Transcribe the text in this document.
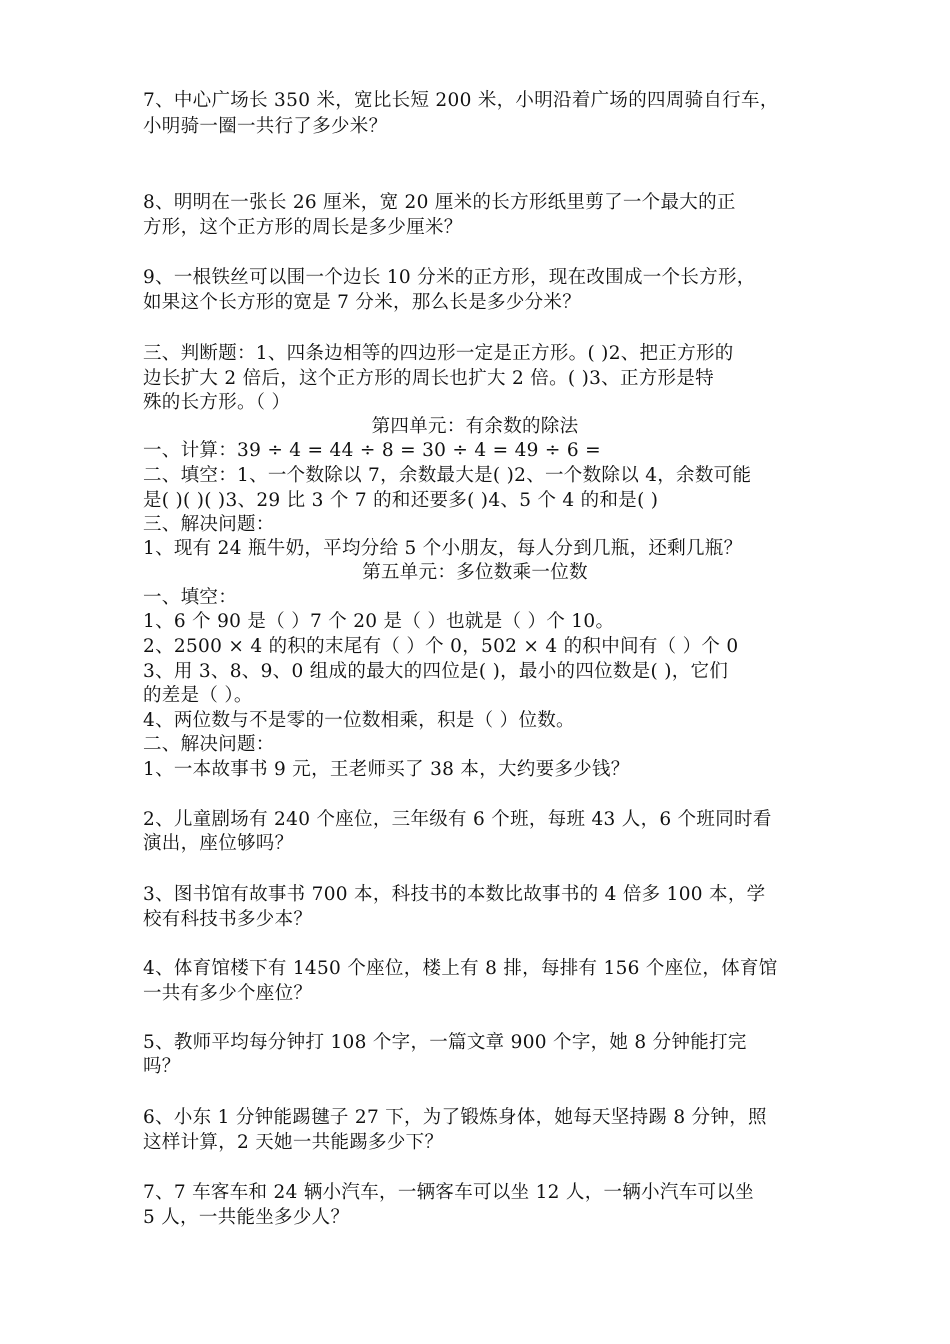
7、中心广场长 350 米，宽比长短 200 米，小明沿着广场的四周骑自行车，
小明骑一圈一共行了多少米？
8、明明在一张长 26 厘米，宽 20 厘米的长方形纸里剪了一个最大的正
方形，这个正方形的周长是多少厘米？
9、一根铁丝可以围一个边长 10 分米的正方形，现在改围成一个长方形，
如果这个长方形的宽是 7 分米，那么长是多少分米？
三、判断题：1、四条边相等的四边形一定是正方形。( )2、把正方形的
边长扩大 2 倍后，这个正方形的周长也扩大 2 倍。( )3、正方形是特
殊的长方形。（ ）
第四单元：有余数的除法
一、计算：39 ÷ 4 = 44 ÷ 8 = 30 ÷ 4 = 49 ÷ 6 =
二、填空：1、一个数除以 7，余数最大是( )2、一个数除以 4，余数可能
是( )( )( )3、29 比 3 个 7 的和还要多( )4、5 个 4 的和是( )
三、解决问题：
1、现有 24 瓶牛奶，平均分给 5 个小朋友，每人分到几瓶，还剩几瓶？
第五单元：多位数乘一位数
一、填空：
1、6 个 90 是（ ）7 个 20 是（ ）也就是（ ）个 10。
2、2500 × 4 的积的末尾有（ ）个 0，502 × 4 的积中间有（ ）个 0
3、用 3、8、9、0 组成的最大的四位是( )，最小的四位数是( )，它们
的差是（ ）。
4、两位数与不是零的一位数相乘，积是（ ）位数。
二、解决问题：
1、一本故事书 9 元，王老师买了 38 本，大约要多少钱？
2、儿童剧场有 240 个座位，三年级有 6 个班，每班 43 人，6 个班同时看
演出，座位够吗？
3、图书馆有故事书 700 本，科技书的本数比故事书的 4 倍多 100 本，学
校有科技书多少本？
4、体育馆楼下有 1450 个座位，楼上有 8 排，每排有 156 个座位，体育馆
一共有多少个座位？
5、教师平均每分钟打 108 个字，一篇文章 900 个字，她 8 分钟能打完
吗？
6、小东 1 分钟能踢毽子 27 下，为了锻炼身体，她每天坚持踢 8 分钟，照
这样计算，2 天她一共能踢多少下？
7、7 车客车和 24 辆小汽车，一辆客车可以坐 12 人，一辆小汽车可以坐
5 人，一共能坐多少人？
